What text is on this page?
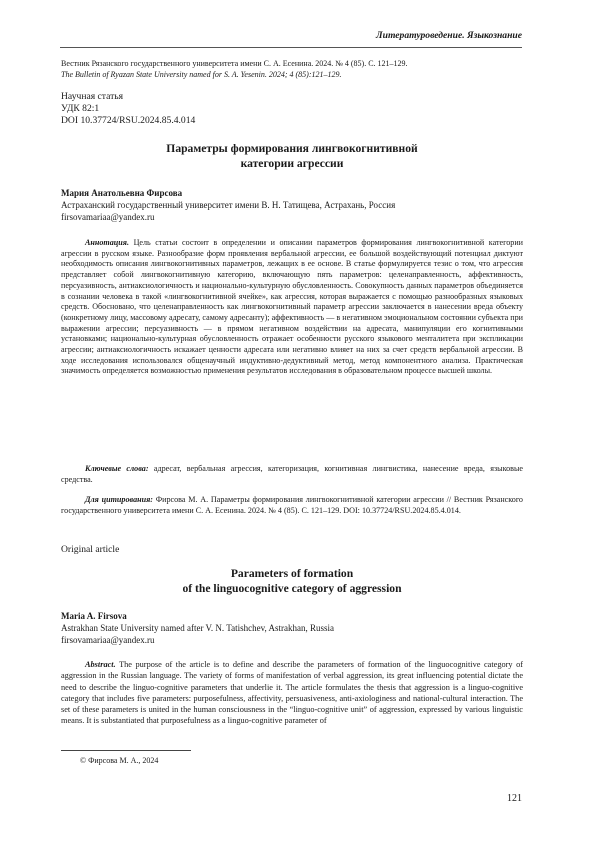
Литературоведение. Языкознание
Вестник Рязанского государственного университета имени С. А. Есенина. 2024. № 4 (85). С. 121–129.
The Bulletin of Ryazan State University named for S. A. Yesenin. 2024; 4 (85):121–129.
Научная статья
УДК 82:1
DOI 10.37724/RSU.2024.85.4.014
Параметры формирования лингвокогнитивной
категории агрессии
Мария Анатольевна Фирсова
Астраханский государственный университет имени В. Н. Татищева, Астрахань, Россия
firsovamariaa@yandex.ru
Аннотация. Цель статьи состоит в определении и описании параметров формирования лингвокогнитивной категории агрессии в русском языке. Разнообразие форм проявления вербальной агрессии, ее большой воздействующий потенциал диктуют необходимость описания лингвокогнитивных параметров, лежащих в ее основе. В статье формулируется тезис о том, что агрессия представляет собой лингвокогнитивную категорию, включающую пять параметров: целенаправленность, аффективность, персуазивность, антиаксиологичность и национально-культурную обусловленность. Совокупность данных параметров объединяется в сознании человека в такой «лингвокогнитивной ячейке», как агрессия, которая выражается с помощью разнообразных языковых средств. Обосновано, что целенаправленность как лингвокогнитивный параметр агрессии заключается в нанесении вреда объекту (конкретному лицу, массовому адресату, самому адресанту); аффективность — в негативном эмоциональном состоянии субъекта при выражении агрессии; персуазивность — в прямом негативном воздействии на адресата, манипуляции его когнитивными установками; национально-культурная обусловленность отражает особенности русского языкового менталитета при экспликации агрессии; антиаксиологичность искажает ценности адресата или негативно влияет на них за счет средств вербальной агрессии. В ходе исследования использовался общенаучный индуктивно-дедуктивный метод, метод компонентного анализа. Практическая значимость определяется возможностью применения результатов исследования в образовательном процессе высшей школы.
Ключевые слова: адресат, вербальная агрессия, категоризация, когнитивная лингвистика, нанесение вреда, языковые средства.
Для цитирования: Фирсова М. А. Параметры формирования лингвокогнитивной категории агрессии // Вестник Рязанского государственного университета имени С. А. Есенина. 2024. № 4 (85). С. 121–129. DOI: 10.37724/RSU.2024.85.4.014.
Original article
Parameters of formation
of the linguocognitive category of aggression
Maria A. Firsova
Astrakhan State University named after V. N. Tatishchev, Astrakhan, Russia
firsovamariaa@yandex.ru
Abstract. The purpose of the article is to define and describe the parameters of formation of the linguocognitive category of aggression in the Russian language. The variety of forms of manifestation of verbal aggression, its great influencing potential dictate the need to describe the linguo-cognitive parameters that underlie it. The article formulates the thesis that aggression is a linguo-cognitive category that includes five parameters: purposefulness, affectivity, persuasiveness, anti-axiologiness and national-cultural interaction. The set of these parameters is united in the human consciousness in the “linguo-cognitive unit” of aggression, expressed by various linguistic means. It is substantiated that purposefulness as a linguo-cognitive parameter of
© Фирсова М. А., 2024
121
